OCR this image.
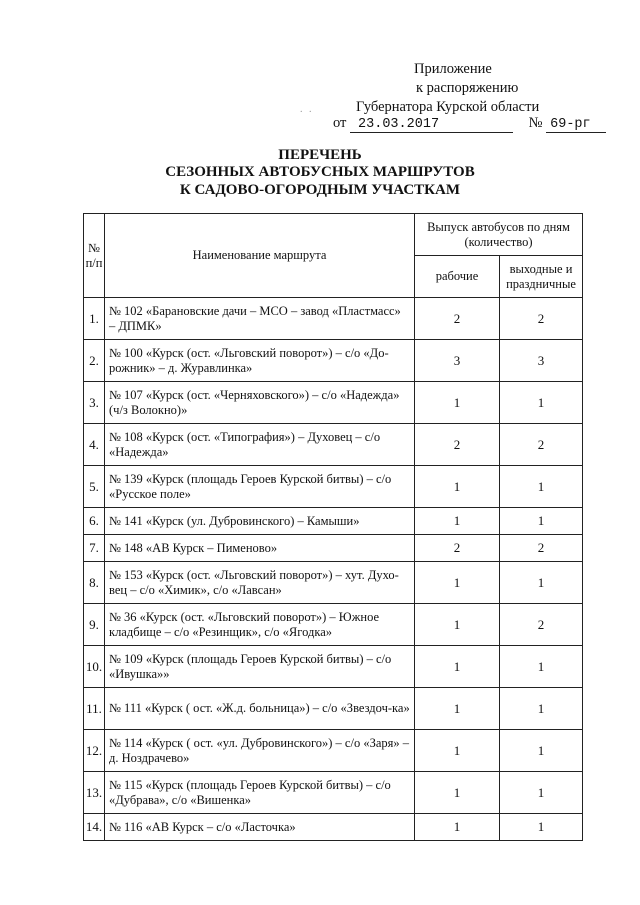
Приложение
к распоряжению
Губернатора Курской области
. .
от 23.03.2017	№ 69-рг
ПЕРЕЧЕНЬ
СЕЗОННЫХ АВТОБУСНЫХ МАРШРУТОВ
К САДОВО-ОГОРОДНЫМ УЧАСТКАМ
№ п/п	Наименование маршрута	Выпуск автобусов по дням (количество)	
		рабочие	выходные и праздничные
1.	№ 102 «Барановские дачи – МСО – завод «Пластмасс» – ДПМК»	2	2
2.	№ 100 «Курск (ост. «Льговский поворот») – с/о «До-рожник» – д. Журавлинка»	3	3
3.	№ 107 «Курск (ост. «Черняховского») – с/о «Надежда» (ч/з Волокно)»	1	1
4.	№ 108 «Курск (ост. «Типография») – Духовец – с/о «Надежда»	2	2
5.	№ 139 «Курск (площадь Героев Курской битвы) – с/о «Русское поле»	1	1
6.	№ 141 «Курск (ул. Дубровинского) – Камыши»	1	1
7.	№ 148 «АВ Курск – Пименово»	2	2
8.	№ 153 «Курск (ост. «Льговский поворот») – хут. Духо-вец – с/о «Химик», с/о «Лавсан»	1	1
9.	№ 36 «Курск (ост. «Льговский поворот») – Южное кладбище – с/о «Резинщик», с/о «Ягодка»	1	2
10.	№ 109 «Курск (площадь Героев Курской битвы) – с/о «Ивушка»»	1	1
11.	№ 111 «Курск ( ост. «Ж.д. больница») – с/о «Звездоч-ка»	1	1
12.	№ 114 «Курск ( ост. «ул. Дубровинского») – с/о «Заря» – д. Ноздрачево»	1	1
13.	№ 115 «Курск (площадь Героев Курской битвы) – с/о «Дубрава», с/о «Вишенка»	1	1
14.	№ 116 «АВ Курск – с/о «Ласточка»	1	1
